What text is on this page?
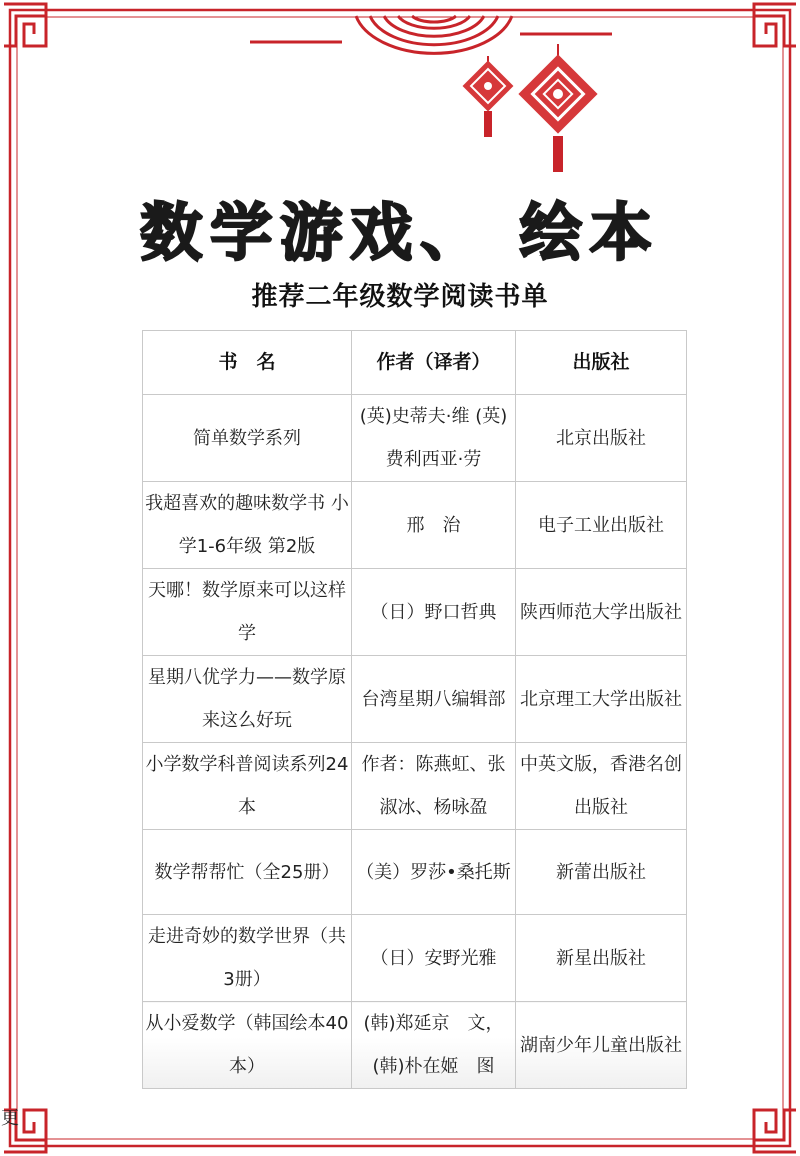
数学游戏、 绘本
推荐二年级数学阅读书单
书　名	作者（译者）	出版社
简单数学系列	(英)史蒂夫·维 (英)费利西亚·劳	北京出版社
我超喜欢的趣味数学书 小学1-6年级 第2版	邢　治	电子工业出版社
天哪！数学原来可以这样学	（日）野口哲典	陕西师范大学出版社
星期八优学力——数学原来这么好玩	台湾星期八编辑部	北京理工大学出版社
小学数学科普阅读系列24本	作者：陈燕虹、张淑冰、杨咏盈	中英文版，香港名创出版社
数学帮帮忙（全25册）	（美）罗莎•桑托斯	新蕾出版社
走进奇妙的数学世界（共3册）	（日）安野光雅	新星出版社
从小爱数学（韩国绘本40本）	(韩)郑延京　文，(韩)朴在姬　图	湖南少年儿童出版社
更
